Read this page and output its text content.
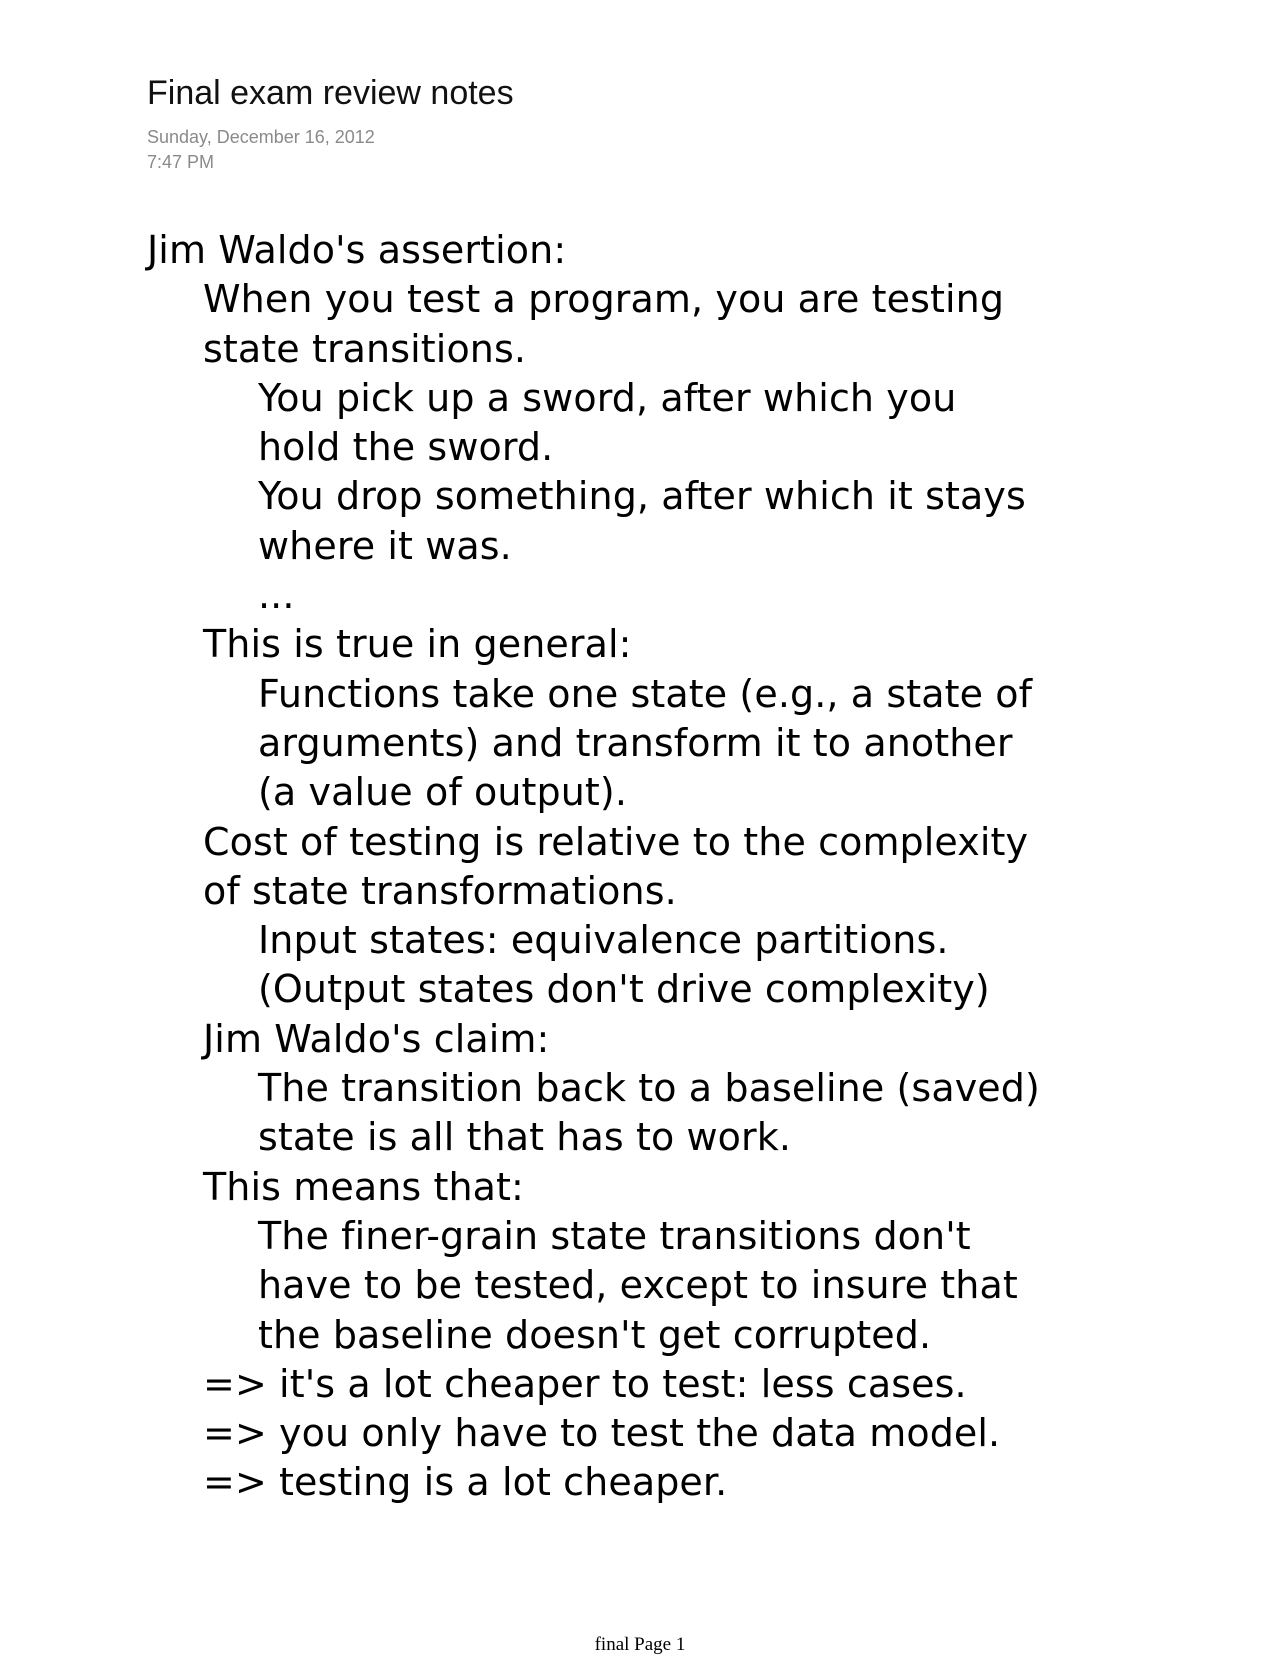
Final exam review notes
Sunday, December 16, 2012
7:47 PM
Jim Waldo's assertion:
When you test a program, you are testing
state transitions.
You pick up a sword, after which you
hold the sword.
You drop something, after which it stays
where it was.
...
This is true in general:
Functions take one state (e.g., a state of
arguments) and transform it to another
(a value of output).
Cost of testing is relative to the complexity
of state transformations.
Input states: equivalence partitions.
(Output states don't drive complexity)
Jim Waldo's claim:
The transition back to a baseline (saved)
state is all that has to work.
This means that:
The finer-grain state transitions don't
have to be tested, except to insure that
the baseline doesn't get corrupted.
=> it's a lot cheaper to test: less cases.
=> you only have to test the data model.
=> testing is a lot cheaper.
final Page 1
